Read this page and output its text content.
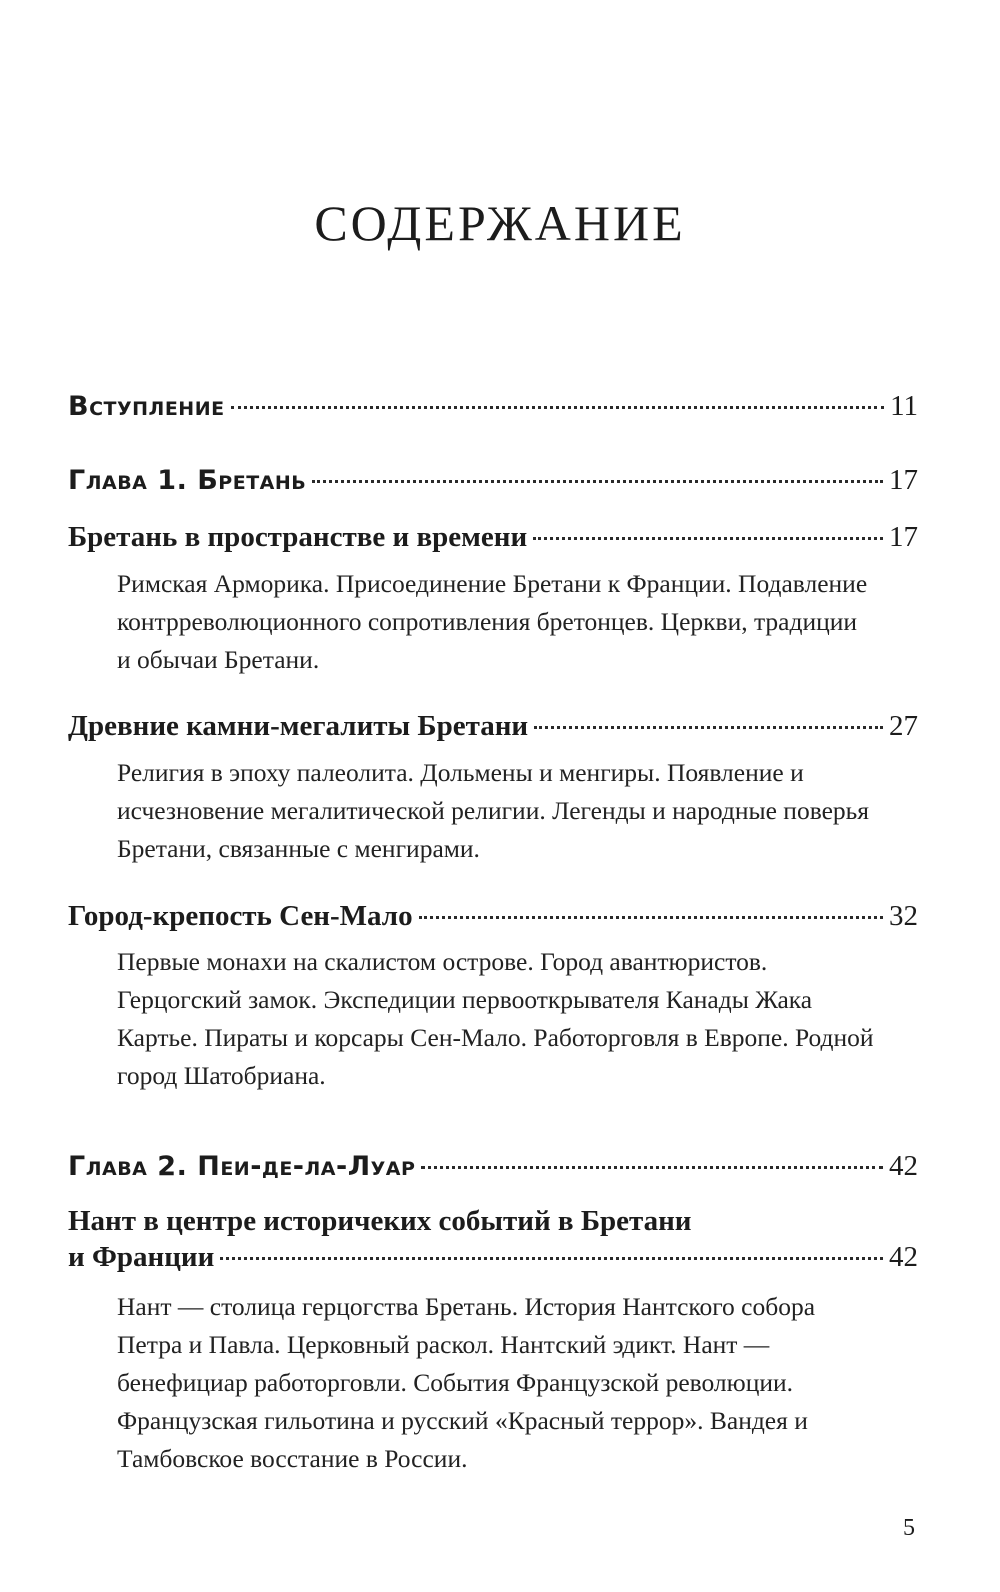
СОДЕРЖАНИЕ
Вступление	11
Глава 1. Бретань	17
Бретань в пространстве и времени	17
Римская Арморика. Присоединение Бретани к Франции. Подавление контрреволюционного сопротивления бретонцев. Церкви, традиции и обычаи Бретани.
Древние камни-мегалиты Бретани	27
Религия в эпоху палеолита. Дольмены и менгиры. Появление и исчезновение мегалитической религии. Легенды и народные поверья Бретани, связанные с менгирами.
Город-крепость Сен-Мало	32
Первые монахи на скалистом острове. Город авантюристов. Герцогский замок. Экспедиции первооткрывателя Канады Жака Картье. Пираты и корсары Сен-Мало. Работорговля в Европе. Родной город Шатобриана.
Глава 2. Пеи-де-ла-Луар	42
Нант в центре историчеких событий в Бретани
и Франции	42
Нант — столица герцогства Бретань. История Нантского собора Петра и Павла. Церковный раскол. Нантский эдикт. Нант — бенефициар работорговли. События Французской революции. Французская гильотина и русский «Красный террор». Вандея и Тамбовское восстание в России.
5
